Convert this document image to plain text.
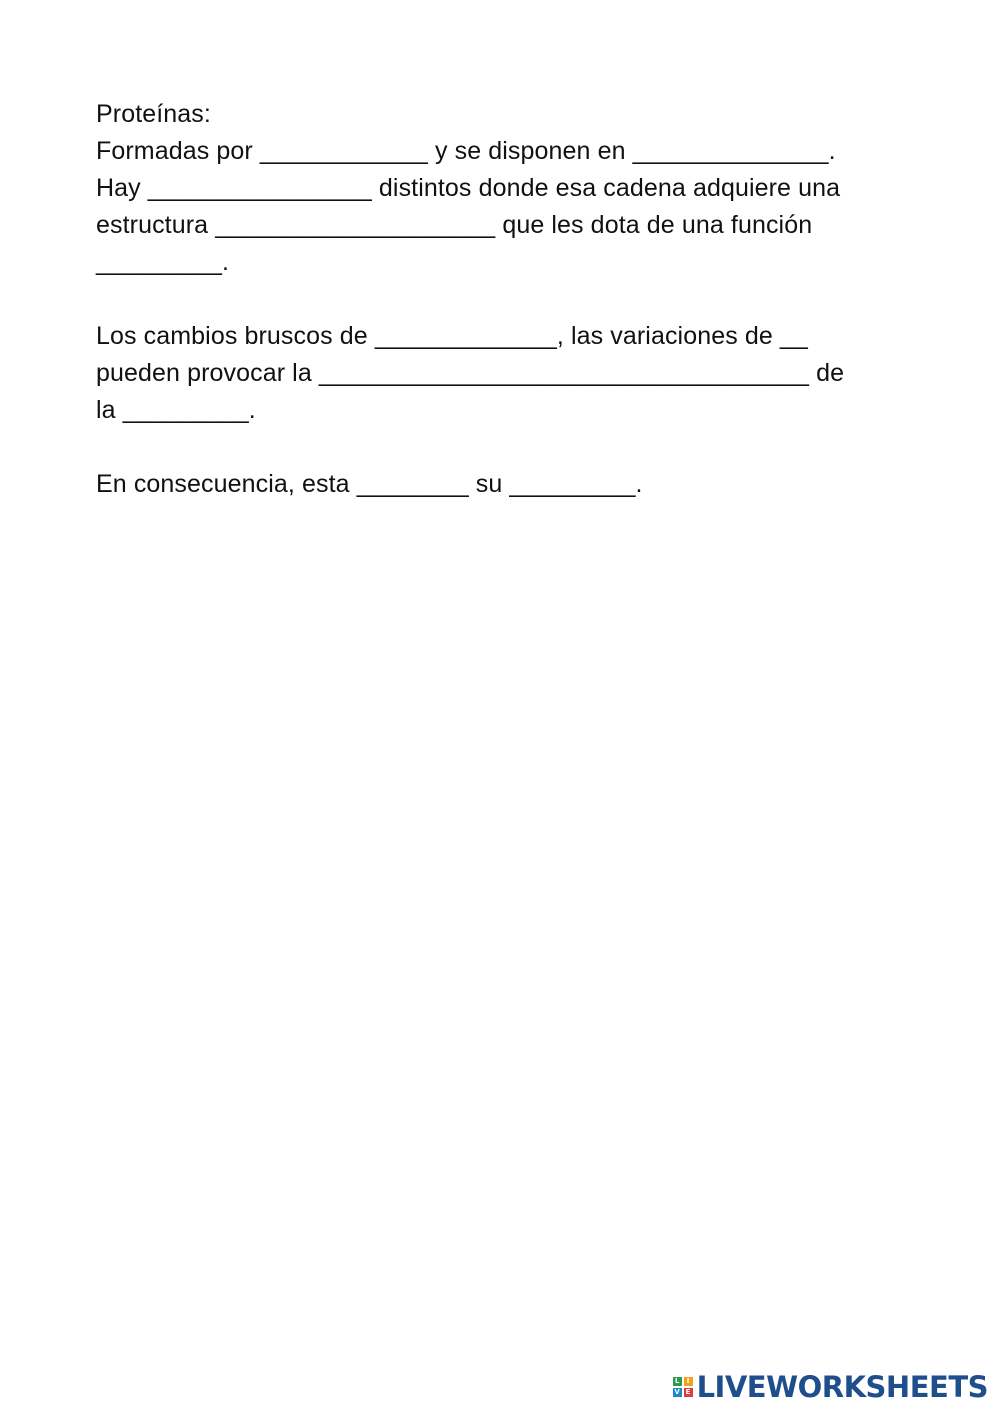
Proteínas:
Formadas por ____________ y se disponen en ______________.
Hay ________________ distintos donde esa cadena adquiere una
estructura ____________________ que les dota de una función
_________.
Los cambios bruscos de _____________, las variaciones de __
pueden provocar la ___________________________________ de
la _________.
En consecuencia, esta ________ su _________.
L	I
V E LIVEWORKSHEETS
